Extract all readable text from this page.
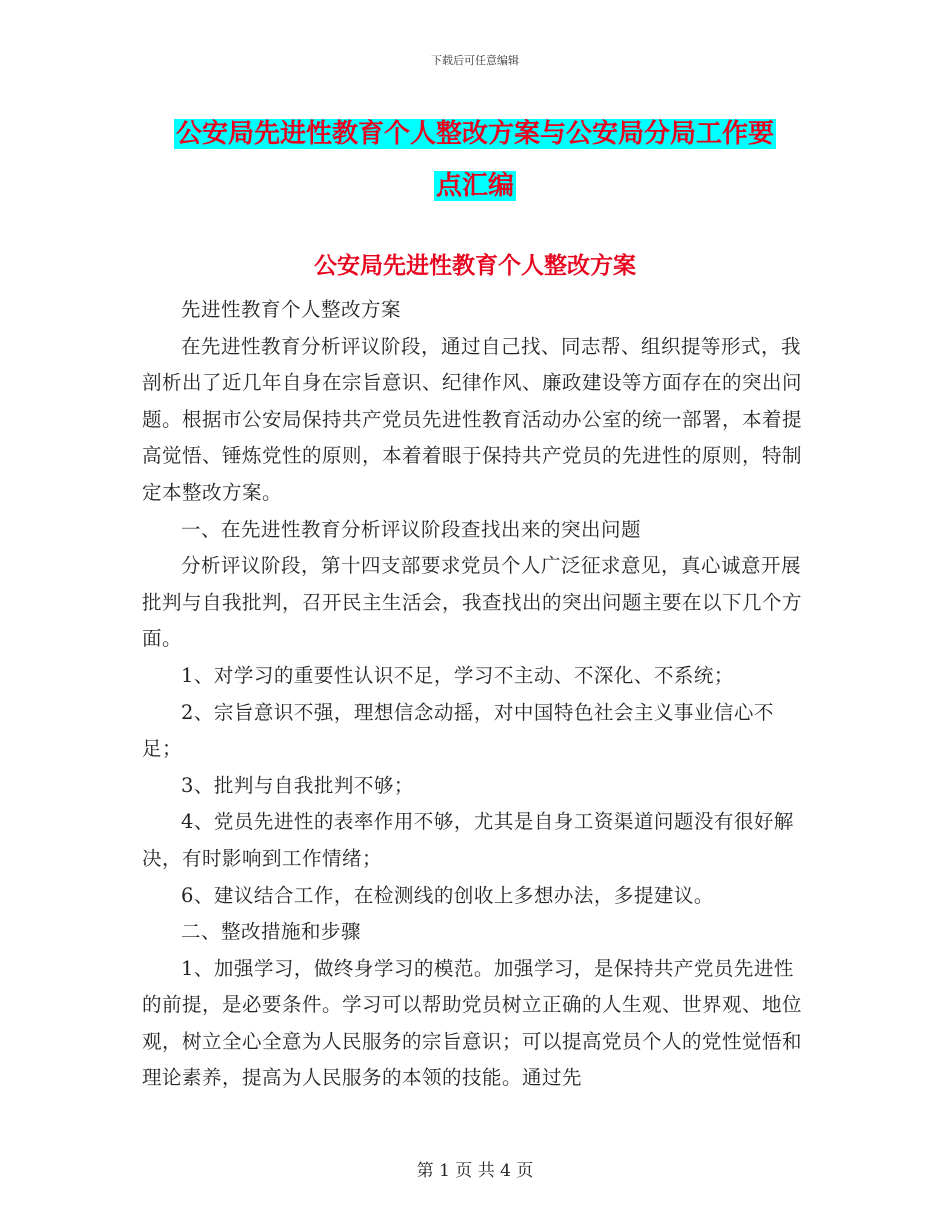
下载后可任意编辑
公安局先进性教育个人整改方案与公安局分局工作要
点汇编
公安局先进性教育个人整改方案

先进性教育个人整改方案

在先进性教育分析评议阶段，通过自己找、同志帮、组织提等形式，我剖析出了近几年自身在宗旨意识、纪律作风、廉政建设等方面存在的突出问题。根据市公安局保持共产党员先进性教育活动办公室的统一部署，本着提高觉悟、锤炼党性的原则，本着着眼于保持共产党员的先进性的原则，特制定本整改方案。

一、在先进性教育分析评议阶段查找出来的突出问题

分析评议阶段，第十四支部要求党员个人广泛征求意见，真心诚意开展批判与自我批判，召开民主生活会，我查找出的突出问题主要在以下几个方面。

1、对学习的重要性认识不足，学习不主动、不深化、不系统；

2、宗旨意识不强，理想信念动摇，对中国特色社会主义事业信心不足；

3、批判与自我批判不够；

4、党员先进性的表率作用不够，尤其是自身工资渠道问题没有很好解决，有时影响到工作情绪；

6、建议结合工作，在检测线的创收上多想办法，多提建议。

二、整改措施和步骤

1、加强学习，做终身学习的模范。加强学习，是保持共产党员先进性的前提，是必要条件。学习可以帮助党员树立正确的人生观、世界观、地位观，树立全心全意为人民服务的宗旨意识；可以提高党员个人的党性觉悟和理论素养，提高为人民服务的本领的技能。通过先

第 1 页 共 4 页
